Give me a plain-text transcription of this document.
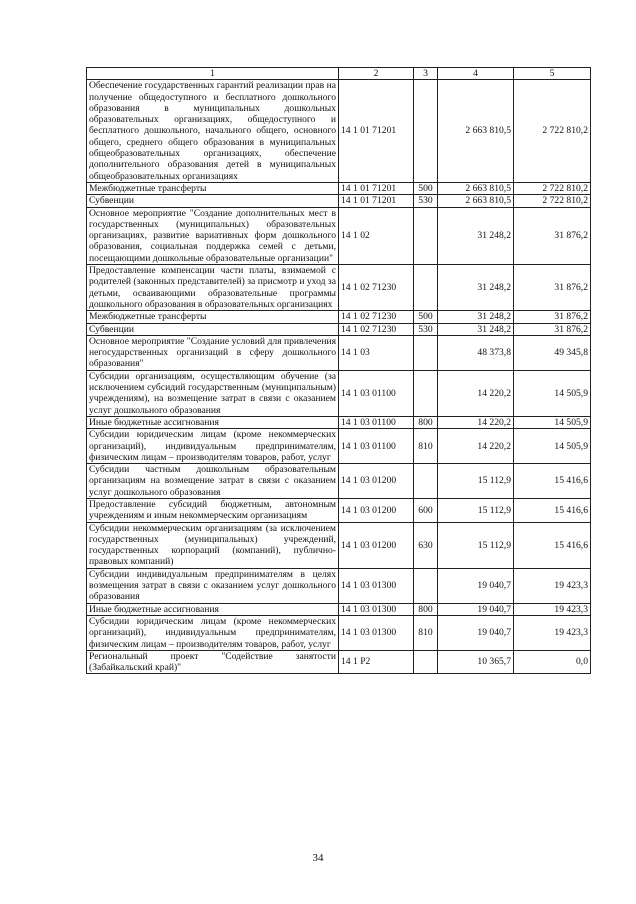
1	2	3	4	5
Обеспечение государственных гарантий реализации прав на получение общедоступного и бесплатного дошкольного образования в муниципальных дошкольных образовательных организациях, общедоступного и бесплатного дошкольного, начального общего, основного общего, среднего общего образования в муниципальных общеобразовательных организациях, обеспечение дополнительного образования детей в муниципальных общеобразовательных организациях	14 1 01 71201		2 663 810,5	2 722 810,2
Межбюджетные трансферты	14 1 01 71201	500	2 663 810,5	2 722 810,2
Субвенции	14 1 01 71201	530	2 663 810,5	2 722 810,2
Основное мероприятие "Создание дополнительных мест в государственных (муниципальных) образовательных организациях, развитие вариативных форм дошкольного образования, социальная поддержка семей с детьми, посещающими дошкольные образовательные организации"	14 1 02		31 248,2	31 876,2
Предоставление компенсации части платы, взимаемой с родителей (законных представителей) за присмотр и уход за детьми, осваивающими образовательные программы дошкольного образования в образовательных организациях	14 1 02 71230		31 248,2	31 876,2
Межбюджетные трансферты	14 1 02 71230	500	31 248,2	31 876,2
Субвенции	14 1 02 71230	530	31 248,2	31 876,2
Основное мероприятие "Создание условий для привлечения негосударственных организаций в сферу дошкольного образования"	14 1 03		48 373,8	49 345,8
Субсидии организациям, осуществляющим обучение (за исключением субсидий государственным (муниципальным) учреждениям), на возмещение затрат в связи с оказанием услуг дошкольного образования	14 1 03 01100		14 220,2	14 505,9
Иные бюджетные ассигнования	14 1 03 01100	800	14 220,2	14 505,9
Субсидии юридическим лицам (кроме некоммерческих организаций), индивидуальным предпринимателям, физическим лицам – производителям товаров, работ, услуг	14 1 03 01100	810	14 220,2	14 505,9
Субсидии частным дошкольным образовательным организациям на возмещение затрат в связи с оказанием услуг дошкольного образования	14 1 03 01200		15 112,9	15 416,6
Предоставление субсидий бюджетным, автономным учреждениям и иным некоммерческим организациям	14 1 03 01200	600	15 112,9	15 416,6
Субсидии некоммерческим организациям (за исключением государственных (муниципальных) учреждений, государственных корпораций (компаний), публично-правовых компаний)	14 1 03 01200	630	15 112,9	15 416,6
Субсидии индивидуальным предпринимателям в целях возмещения затрат в связи с оказанием услуг дошкольного образования	14 1 03 01300		19 040,7	19 423,3
Иные бюджетные ассигнования	14 1 03 01300	800	19 040,7	19 423,3
Субсидии юридическим лицам (кроме некоммерческих организаций), индивидуальным предпринимателям, физическим лицам – производителям товаров, работ, услуг	14 1 03 01300	810	19 040,7	19 423,3
Региональный проект "Содействие занятости (Забайкальский край)"	14 1 P2		10 365,7	0,0
34
